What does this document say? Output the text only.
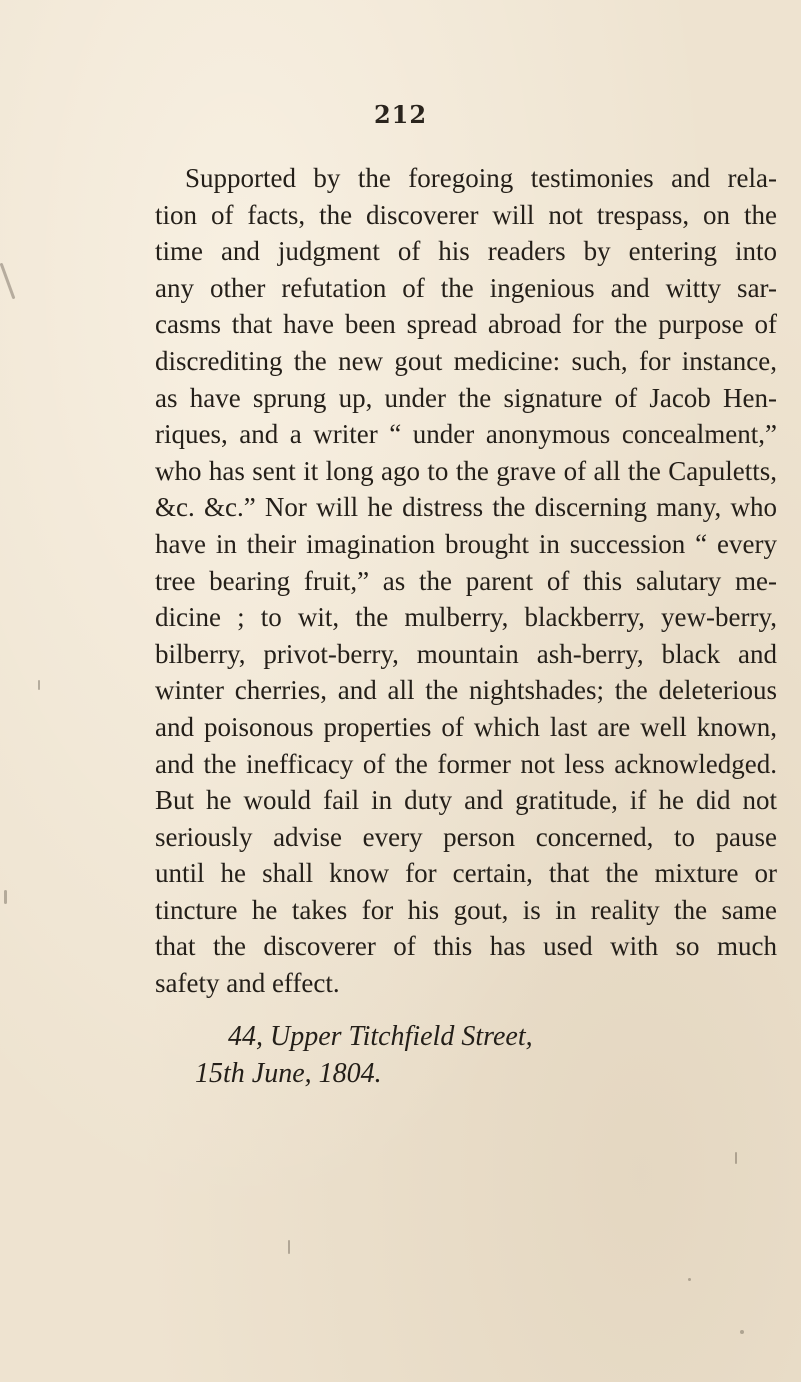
212
Supported by the foregoing testimonies and rela-
tion of facts, the discoverer will not trespass, on the
time and judgment of his readers by entering into
any other refutation of the ingenious and witty sar-
casms that have been spread abroad for the purpose of
discrediting the new gout medicine: such, for instance,
as have sprung up, under the signature of Jacob Hen-
riques, and a writer “ under anonymous concealment,”
who has sent it long ago to the grave of all the Capuletts,
&c. &c.” Nor will he distress the discerning many, who
have in their imagination brought in succession “ every
tree bearing fruit,” as the parent of this salutary me-
dicine ; to wit, the mulberry, blackberry, yew-berry,
bilberry, privot-berry, mountain ash-berry, black and
winter cherries, and all the nightshades; the deleterious
and poisonous properties of which last are well known,
and the inefficacy of the former not less acknowledged.
But he would fail in duty and gratitude, if he did not
seriously advise every person concerned, to pause
until he shall know for certain, that the mixture or
tincture he takes for his gout, is in reality the same
that the discoverer of this has used with so much
safety and effect.
44, Upper Titchfield Street,
15th June, 1804.
